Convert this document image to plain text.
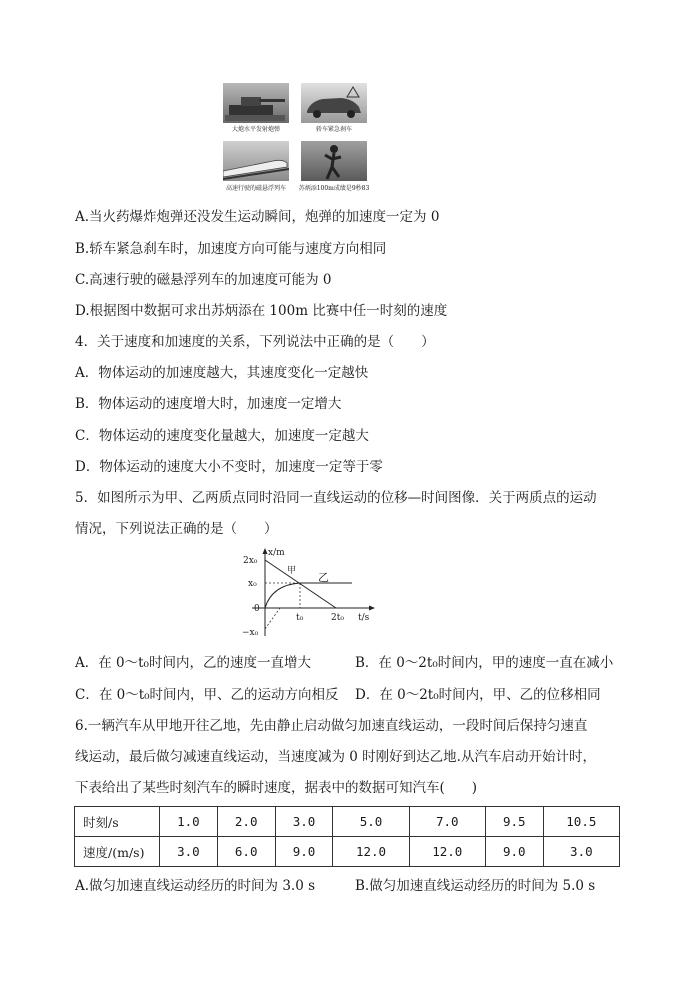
大炮水平发射炮弹	轿车紧急刹车
高速行驶的磁悬浮列车	苏炳添100m成绩是9秒83
A.当火药爆炸炮弹还没发生运动瞬间，炮弹的加速度一定为 0
B.轿车紧急刹车时，加速度方向可能与速度方向相同
C.高速行驶的磁悬浮列车的加速度可能为 0
D.根据图中数据可求出苏炳添在 100m 比赛中任一时刻的速度
4．关于速度和加速度的关系，下列说法中正确的是（　　）
A．物体运动的加速度越大，其速度变化一定越快
B．物体运动的速度增大时，加速度一定增大
C．物体运动的速度变化量越大，加速度一定越大
D．物体运动的速度大小不变时，加速度一定等于零
5．如图所示为甲、乙两质点同时沿同一直线运动的位移—时间图像．关于两质点的运动
情况，下列说法正确的是（　　）
x/m
t/s
2x₀
x₀
0
−x₀
t₀	2t₀
甲 乙
A．在 0～t₀时间内，乙的速度一直增大	B．在 0～2t₀时间内，甲的速度一直在减小
C．在 0～t₀时间内，甲、乙的运动方向相反 D．在 0～2t₀时间内，甲、乙的位移相同
6.一辆汽车从甲地开往乙地，先由静止启动做匀加速直线运动，一段时间后保持匀速直
线运动，最后做匀减速直线运动，当速度减为 0 时刚好到达乙地.从汽车启动开始计时，
下表给出了某些时刻汽车的瞬时速度，据表中的数据可知汽车(　　)
时刻/s	1.0	2.0	3.0	5.0	7.0	9.5	10.5
速度/(m/s)	3.0	6.0	9.0	12.0	12.0	9.0	3.0
A.做匀加速直线运动经历的时间为 3.0 s	B.做匀加速直线运动经历的时间为 5.0 s
